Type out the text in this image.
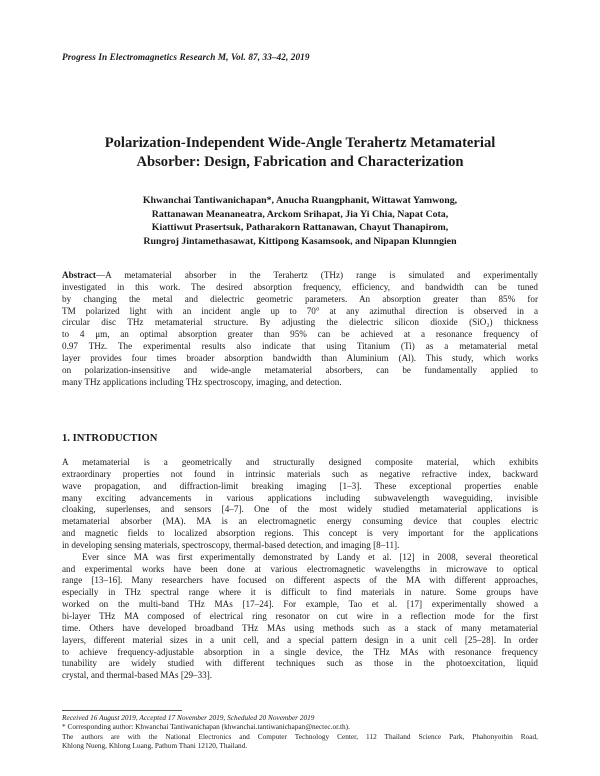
Progress In Electromagnetics Research M, Vol. 87, 33–42, 2019
Polarization-Independent Wide-Angle Terahertz Metamaterial
Absorber: Design, Fabrication and Characterization
Khwanchai Tantiwanichapan*, Anucha Ruangphanit, Wittawat Yamwong,
Rattanawan Meananeatra, Arckom Srihapat, Jia Yi Chia, Napat Cota,
Kiattiwut Prasertsuk, Patharakorn Rattanawan, Chayut Thanapirom,
Rungroj Jintamethasawat, Kittipong Kasamsook, and Nipapan Klunngien
Abstract—A metamaterial absorber in the Terahertz (THz) range is simulated and experimentally
investigated in this work. The desired absorption frequency, efficiency, and bandwidth can be tuned
by changing the metal and dielectric geometric parameters. An absorption greater than 85% for
TM polarized light with an incident angle up to 70° at any azimuthal direction is observed in a
circular disc THz metamaterial structure. By adjusting the dielectric silicon dioxide (SiO₂) thickness
to 4 μm, an optimal absorption greater than 95% can be achieved at a resonance frequency of
0.97 THz. The experimental results also indicate that using Titanium (Ti) as a metamaterial metal
layer provides four times broader absorption bandwidth than Aluminium (Al). This study, which works
on polarization-insensitive and wide-angle metamaterial absorbers, can be fundamentally applied to
many THz applications including THz spectroscopy, imaging, and detection.
1. INTRODUCTION
A metamaterial is a geometrically and structurally designed composite material, which exhibits
extraordinary properties not found in intrinsic materials such as negative refractive index, backward
wave propagation, and diffraction-limit breaking imaging [1–3]. These exceptional properties enable
many exciting advancements in various applications including subwavelength waveguiding, invisible
cloaking, superlenses, and sensors [4–7]. One of the most widely studied metamaterial applications is
metamaterial absorber (MA). MA is an electromagnetic energy consuming device that couples electric
and magnetic fields to localized absorption regions. This concept is very important for the applications
in developing sensing materials, spectroscopy, thermal-based detection, and imaging [8–11].
Ever since MA was first experimentally demonstrated by Landy et al. [12] in 2008, several theoretical
and experimental works have been done at various electromagnetic wavelengths in microwave to optical
range [13–16]. Many researchers have focused on different aspects of the MA with different approaches,
especially in THz spectral range where it is difficult to find materials in nature. Some groups have
worked on the multi-band THz MAs [17–24]. For example, Tao et al. [17] experimentally showed a
bi-layer THz MA composed of electrical ring resonator on cut wire in a reflection mode for the first
time. Others have developed broadband THz MAs using methods such as a stack of many metamaterial
layers, different material sizes in a unit cell, and a special pattern design in a unit cell [25–28]. In order
to achieve frequency-adjustable absorption in a single device, the THz MAs with resonance frequency
tunability are widely studied with different techniques such as those in the photoexcitation, liquid
crystal, and thermal-based MAs [29–33].
Received 16 August 2019, Accepted 17 November 2019, Scheduled 20 November 2019
* Corresponding author: Khwanchai Tantiwanichapan (khwanchai.tantiwanichapan@nectec.or.th).
The authors are with the National Electronics and Computer Technology Center, 112 Thailand Science Park, Phahonyothin Road,
Khlong Nueng, Khlong Luang, Pathum Thani 12120, Thailand.
